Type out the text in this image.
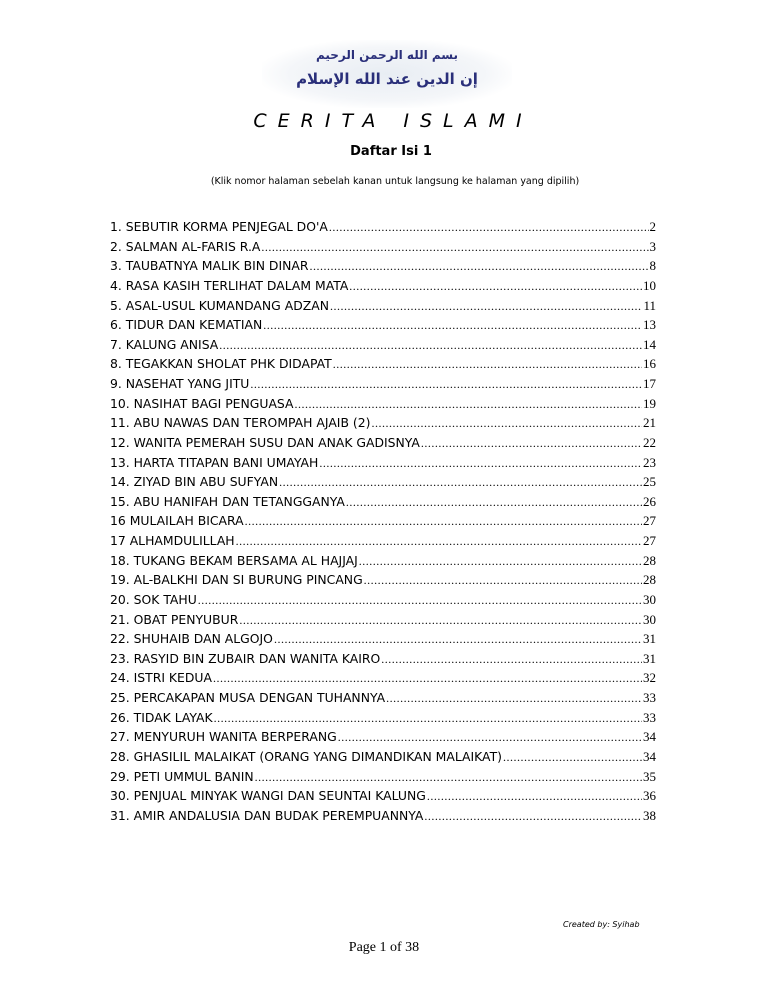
بسم الله الرحمن الرحيم
إن الدين عند الله الإسلام
CERITA ISLAMI
Daftar Isi 1
(Klik nomor halaman sebelah kanan untuk langsung ke halaman yang dipilih)
1. SEBUTIR KORMA PENJEGAL DO'A .....	2
2. SALMAN AL-FARIS R.A .....	3
3. TAUBATNYA MALIK BIN DINAR .....	8
4. RASA KASIH TERLIHAT DALAM MATA .....	10
5. ASAL-USUL KUMANDANG ADZAN .....	11
6. TIDUR DAN KEMATIAN .....	13
7. KALUNG ANISA .....	14
8. TEGAKKAN SHOLAT PHK DIDAPAT .....	16
9. NASEHAT YANG JITU .....	17
10. NASIHAT BAGI PENGUASA .....	19
11. ABU NAWAS DAN TEROMPAH AJAIB (2) .....	21
12. WANITA PEMERAH SUSU DAN ANAK GADISNYA .....	22
13. HARTA TITAPAN BANI UMAYAH .....	23
14. ZIYAD BIN ABU SUFYAN .....	25
15. ABU HANIFAH DAN TETANGGANYA .....	26
16 MULAILAH BICARA .....	27
17 ALHAMDULILLAH .....	27
18. TUKANG BEKAM BERSAMA AL HAJJAJ .....	28
19. AL-BALKHI DAN SI BURUNG PINCANG .....	28
20. SOK TAHU .....	30
21. OBAT PENYUBUR .....	30
22. SHUHAIB DAN ALGOJO .....	31
23. RASYID BIN ZUBAIR DAN WANITA KAIRO .....	31
24. ISTRI KEDUA .....	32
25. PERCAKAPAN MUSA DENGAN TUHANNYA .....	33
26. TIDAK LAYAK .....	33
27. MENYURUH WANITA BERPERANG .....	34
28. GHASILIL MALAIKAT (ORANG YANG DIMANDIKAN MALAIKAT) .....	34
29. PETI UMMUL BANIN .....	35
30. PENJUAL MINYAK WANGI DAN SEUNTAI KALUNG .....	36
31. AMIR ANDALUSIA DAN BUDAK PEREMPUANNYA .....	38
Created by: Syihab
Page 1 of 38
